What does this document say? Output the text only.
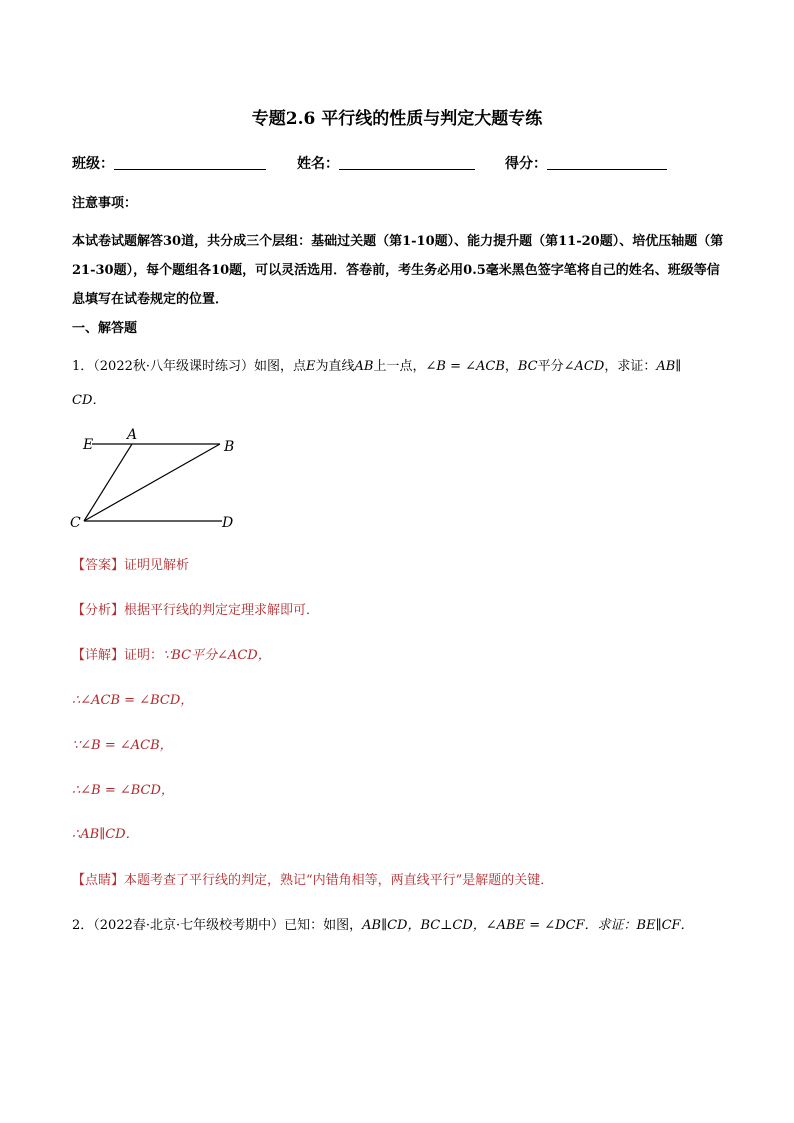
专题2.6 平行线的性质与判定大题专练
班级：	姓名：	得分：
注意事项：
本试卷试题解答30道，共分成三个层组：基础过关题（第1-10题）、能力提升题（第11-20题）、培优压轴题（第21-30题），每个题组各10题，可以灵活选用．答卷前，考生务必用0.5毫米黑色签字笔将自己的姓名、班级等信息填写在试卷规定的位置．
一、解答题
1．（2022秋·八年级课时练习）如图，点E为直线AB上一点，∠B = ∠ACB，BC平分∠ACD，求证：AB∥
CD．
E
A
B
C	D
【答案】证明见解析
【分析】根据平行线的判定定理求解即可．
【详解】证明：∵BC平分∠ACD，
∴∠ACB = ∠BCD，
∵∠B = ∠ACB，
∴∠B = ∠BCD，
∴AB∥CD．
【点睛】本题考查了平行线的判定，熟记“内错角相等，两直线平行”是解题的关键．
2．（2022春·北京·七年级校考期中）已知：如图，AB∥CD，BC⊥CD，∠ABE = ∠DCF．求证：BE∥CF．
